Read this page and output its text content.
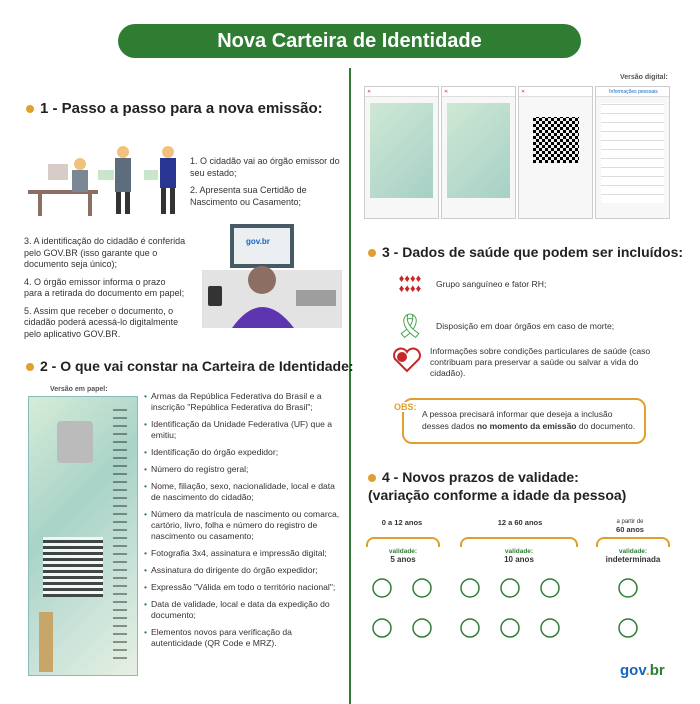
Nova Carteira de Identidade
1 - Passo a passo para a nova emissão:

1. O cidadão vai ao órgão emissor do seu estado;

2. Apresenta sua Certidão de Nascimento ou Casamento;

3. A identificação do cidadão é conferida pelo GOV.BR (isso garante que o documento seja único);

4. O órgão emissor informa o prazo para a retirada do documento em papel;

5. Assim que receber o documento, o cidadão poderá acessá-lo digitalmente pelo aplicativo GOV.BR.

gov.br
2 - O que vai constar na Carteira de Identidade:
Versão em papel:
• Armas da República Federativa do Brasil e a inscrição "República Federativa do Brasil";
• Identificação da Unidade Federativa (UF) que a emitiu;
• Identificação do órgão expedidor;
• Número do registro geral;
• Nome, filiação, sexo, nacionalidade, local e data de nascimento do cidadão;
• Número da matrícula de nascimento ou comarca, cartório, livro, folha e número do registro de nascimento ou casamento;
• Fotografia 3x4, assinatura e impressão digital;
• Assinatura do dirigente do órgão expedidor;
• Expressão "Válida em todo o território nacional";
• Data de validade, local e data da expedição do documento;
• Elementos novos para verificação da autenticidade (QR Code e MRZ).
Versão digital:
✕	✕	✕	Informações pessoais
3 - Dados de saúde que podem ser incluídos:
♦♦♦♦
♦♦♦♦	Grupo sanguíneo e fator RH;
🎗	Disposição em doar órgãos em caso de morte;
Informações sobre condições particulares de saúde (caso contribuam para preservar a saúde ou salvar a vida do cidadão).
A pessoa precisará informar que deseja a inclusão desses dados no momento da emissão do documento.
OBS:
4 - Novos prazos de validade:
(variação conforme a idade da pessoa)
0 a 12 anos
validade:
5 anos
12 a 60 anos
validade:
10 anos
a partir de
60 anos
validade:
indeterminada
gov.br
